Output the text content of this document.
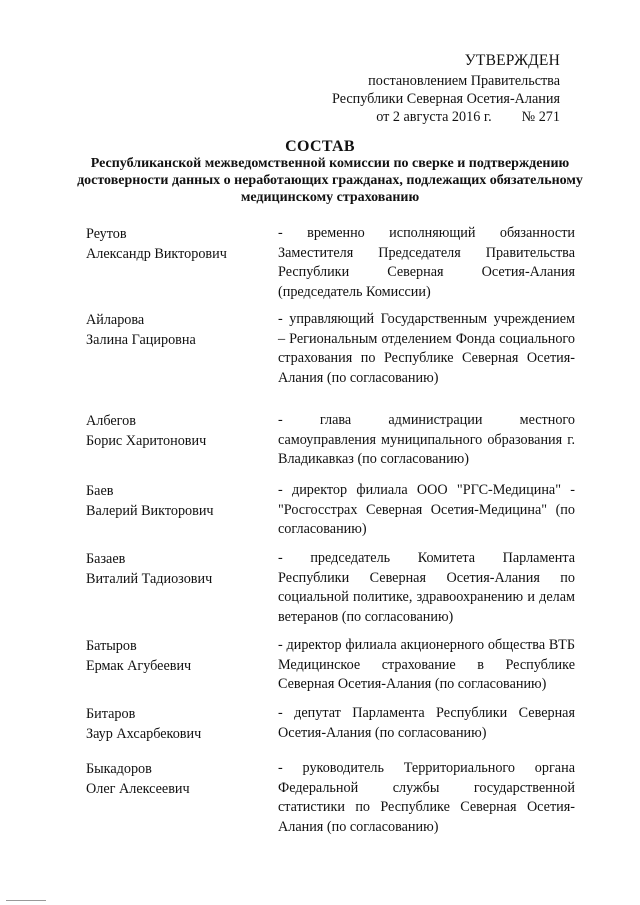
УТВЕРЖДЕН
постановлением Правительства
Республики Северная Осетия-Алания
от 2 августа 2016 г. № 271
СОСТАВ
Республиканской межведомственной комиссии по сверке и подтверждению достоверности данных о неработающих гражданах, подлежащих обязательному медицинскому страхованию
Реутов
Александр Викторович
- временно исполняющий обязанности Заместителя Председателя Правительства Республики Северная Осетия-Алания (председатель Комиссии)
Айларова
Залина Гацировна
- управляющий Государственным учреждением – Региональным отделением Фонда социального страхования по Республике Северная Осетия-Алания (по согласованию)
Албегов
Борис Харитонович
- глава администрации местного самоуправления муниципального образования г. Владикавказ (по согласованию)
Баев
Валерий Викторович
- директор филиала ООО "РГС-Медицина" - "Росгосстрах Северная Осетия-Медицина" (по согласованию)
Базаев
Виталий Тадиозович
- председатель Комитета Парламента Республики Северная Осетия-Алания по социальной политике, здравоохранению и делам ветеранов (по согласованию)
Батыров
Ермак Агубеевич
- директор филиала акционерного общества ВТБ Медицинское страхование в Республике Северная Осетия-Алания (по согласованию)
Битаров
Заур Ахсарбекович
- депутат Парламента Республики Северная Осетия-Алания (по согласованию)
Быкадоров
Олег Алексеевич
- руководитель Территориального органа Федеральной службы государственной статистики по Республике Северная Осетия-Алания (по согласованию)
